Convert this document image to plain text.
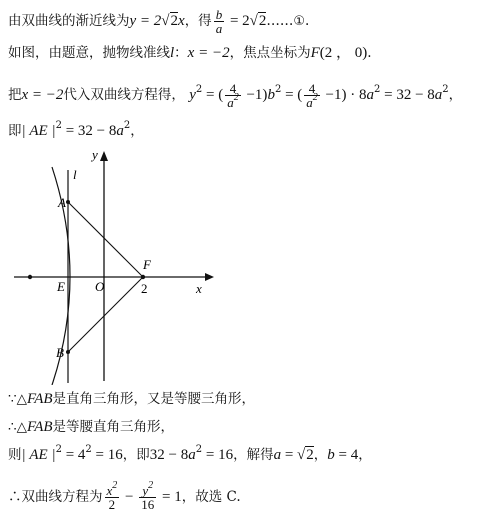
由双曲线的渐近线为y = 2√2x，得 $\frac{b}{a}$ = 2√2……①.
如图，由题意，抛物线准线l：x = −2，焦点坐标为F(2 ， 0).
把x = −2代入双曲线方程得， $y^2$ = ( $\frac{4}{a^2} -1)b^2$ = ( $\frac{4}{a^2} -1) \cdot 8a^2 = 32 - 8a^2$，
即| AE $|^2 = 32 - 8a^2$，
y
x
l
A
B
E O
F
2
∵△FAB是直角三角形，又是等腰三角形，
∴△FAB是等腰直角三角形，
则| AE $|^2 = 4^2 = 16$，即$32 - 8a^2 = 16$，解得a = √2，b = 4，
∴双曲线方程为 $\frac{x^2}{2} - \frac{y^2}{16} = 1$，故选 C.
